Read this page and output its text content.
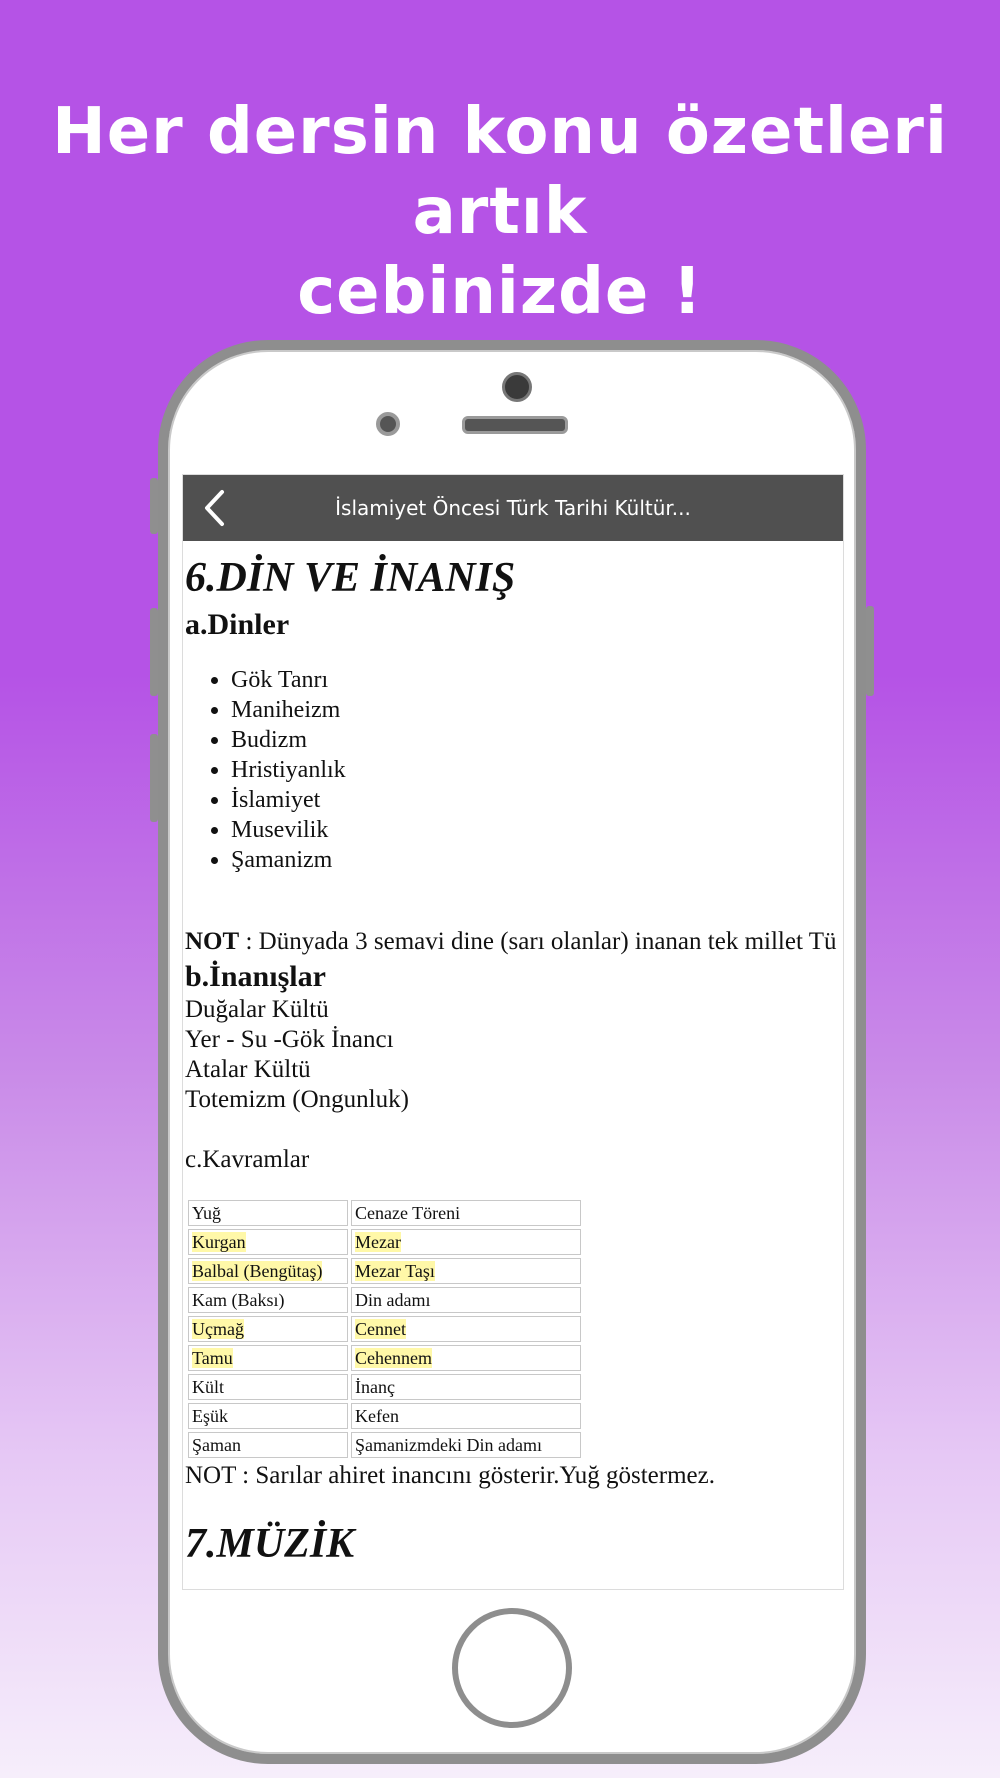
Her dersin konu özetleri artık
cebinizde !
İslamiyet Öncesi Türk Tarihi Kültür...
6.DİN VE İNANIŞ
a.Dinler
• Gök Tanrı
• Maniheizm
• Budizm
• Hristiyanlık
• İslamiyet
• Musevilik
• Şamanizm
NOT : Dünyada 3 semavi dine (sarı olanlar) inanan tek millet Tü
b.İnanışlar
Duğalar Kültü
Yer - Su -Gök İnancı
Atalar Kültü
Totemizm (Ongunluk)
c.Kavramlar
Yuğ	Cenaze Töreni
Kurgan	Mezar
Balbal (Bengütaş)	Mezar Taşı
Kam (Baksı)	Din adamı
Uçmağ	Cennet
Tamu	Cehennem
Kült	İnanç
Eşük	Kefen
Şaman	Şamanizmdeki Din adamı
NOT : Sarılar ahiret inancını gösterir.Yuğ göstermez.
7.MÜZİK
